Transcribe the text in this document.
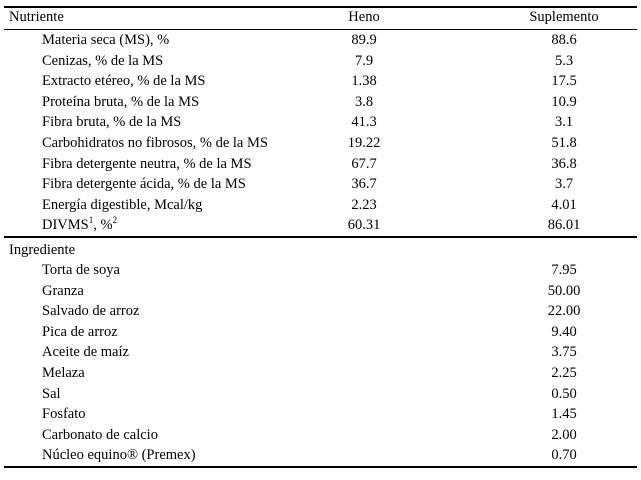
Nutriente	Heno	Suplemento
Materia seca (MS), %	89.9	88.6
Cenizas, % de la MS	7.9	5.3
Extracto etéreo, % de la MS	1.38	17.5
Proteína bruta, % de la MS	3.8	10.9
Fibra bruta, % de la MS	41.3	3.1
Carbohidratos no fibrosos, % de la MS	19.22	51.8
Fibra detergente neutra, % de la MS	67.7	36.8
Fibra detergente ácida, % de la MS	36.7	3.7
Energía digestible, Mcal/kg	2.23	4.01
DIVMS$^1$, %$^2$	60.31	86.01
Ingrediente
Torta de soya	7.95
Granza	50.00
Salvado de arroz	22.00
Pica de arroz	9.40
Aceite de maíz	3.75
Melaza	2.25
Sal	0.50
Fosfato	1.45
Carbonato de calcio	2.00
Núcleo equino® (Premex)	0.70
